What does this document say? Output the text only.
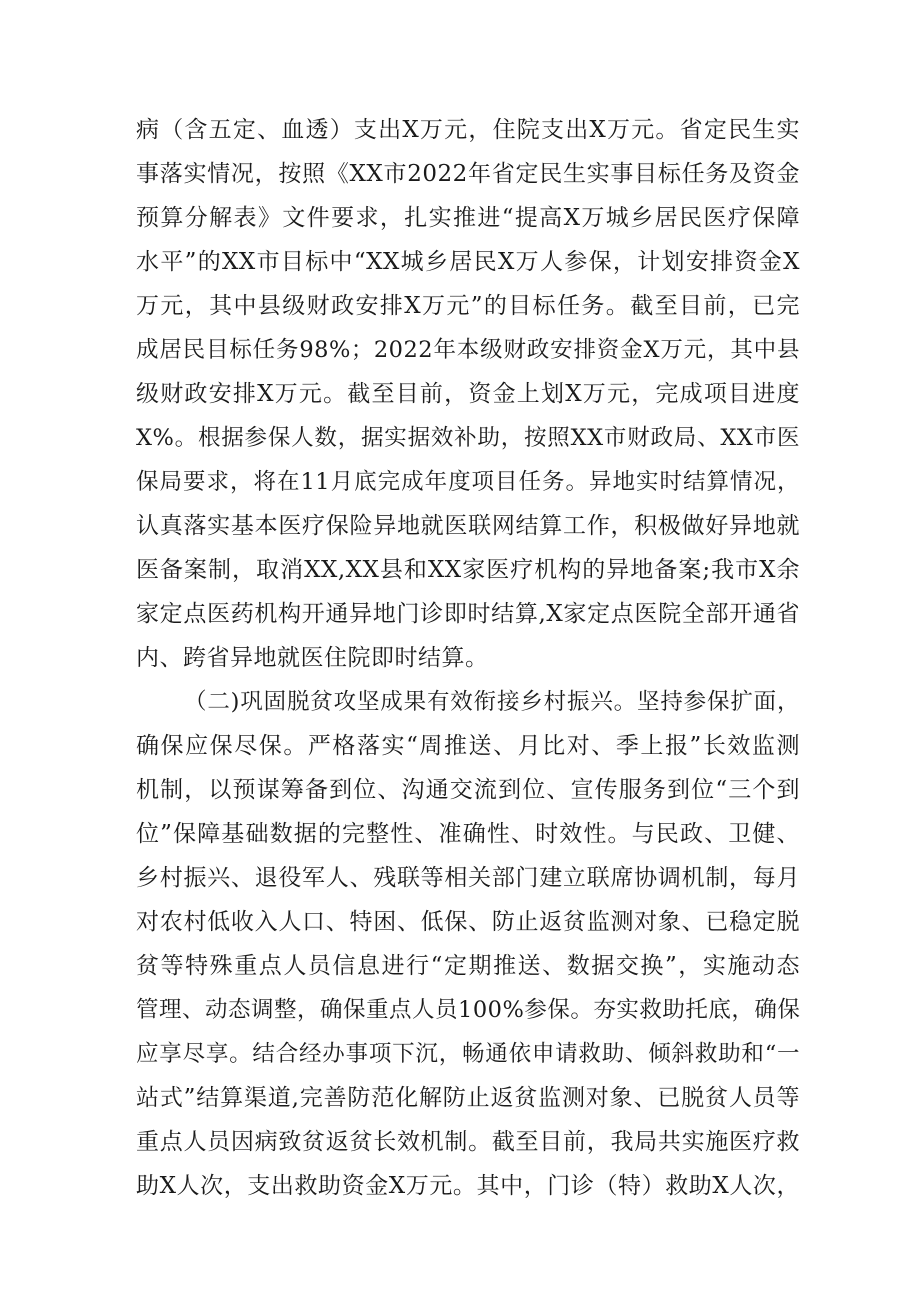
病（含五定、血透）支出X万元，住院支出X万元。省定民生实
事落实情况，按照《XX市2022年省定民生实事目标任务及资金
预算分解表》文件要求，扎实推进“提高X万城乡居民医疗保障
水平”的XX市目标中“XX城乡居民X万人参保，计划安排资金X
万元，其中县级财政安排X万元”的目标任务。截至目前，已完
成居民目标任务98%；2022年本级财政安排资金X万元，其中县
级财政安排X万元。截至目前，资金上划X万元，完成项目进度
X%。根据参保人数，据实据效补助，按照XX市财政局、XX市医
保局要求，将在11月底完成年度项目任务。异地实时结算情况，
认真落实基本医疗保险异地就医联网结算工作，积极做好异地就
医备案制，取消XX,XX县和XX家医疗机构的异地备案;我市X余
家定点医药机构开通异地门诊即时结算,X家定点医院全部开通省
内、跨省异地就医住院即时结算。
（二)巩固脱贫攻坚成果有效衔接乡村振兴。坚持参保扩面，
确保应保尽保。严格落实“周推送、月比对、季上报”长效监测
机制，以预谋筹备到位、沟通交流到位、宣传服务到位“三个到
位”保障基础数据的完整性、准确性、时效性。与民政、卫健、
乡村振兴、退役军人、残联等相关部门建立联席协调机制，每月
对农村低收入人口、特困、低保、防止返贫监测对象、已稳定脱
贫等特殊重点人员信息进行“定期推送、数据交换”，实施动态
管理、动态调整，确保重点人员100%参保。夯实救助托底，确保
应享尽享。结合经办事项下沉，畅通依申请救助、倾斜救助和“一
站式”结算渠道,完善防范化解防止返贫监测对象、已脱贫人员等
重点人员因病致贫返贫长效机制。截至目前，我局共实施医疗救
助X人次，支出救助资金X万元。其中，门诊（特）救助X人次，
